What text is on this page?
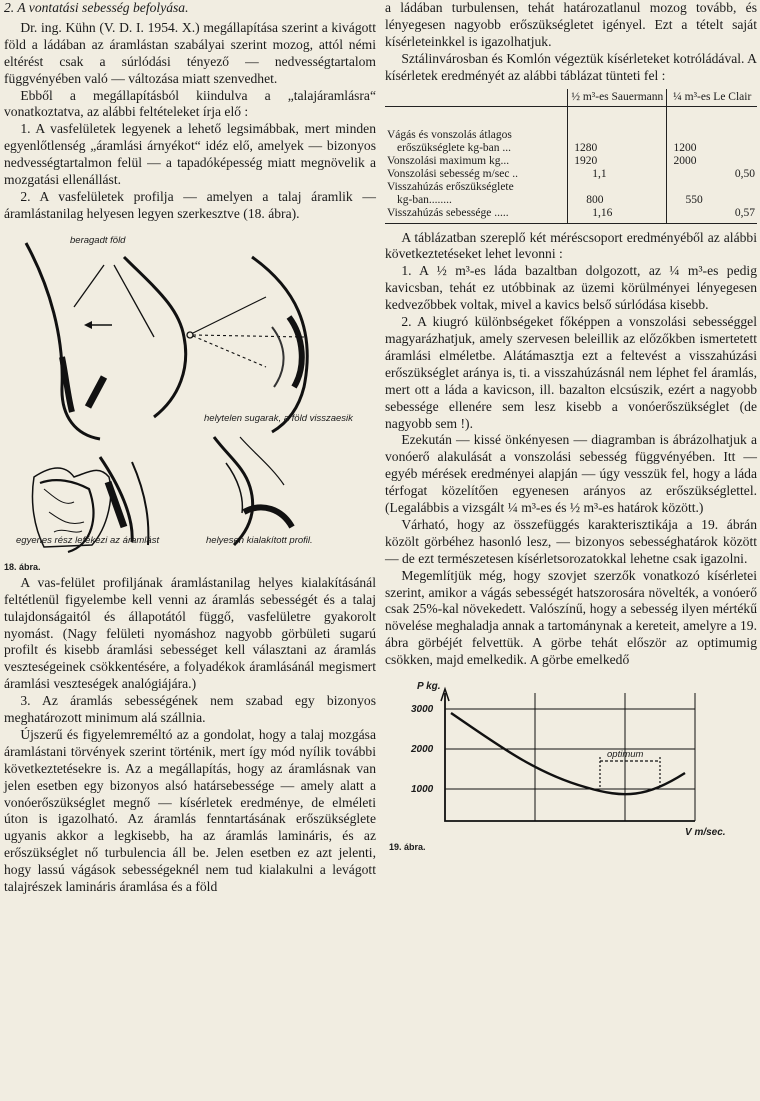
2. A vontatási sebesség befolyása.

Dr. ing. Kühn (V. D. I. 1954. X.) megállapítása szerint a kivágott föld a ládában az áramlástan szabályai szerint mozog, attól némi eltérést csak a súrlódási tényező — nedvességtartalom függvényében való — változása miatt szenvedhet.

Ebből a megállapításból kiindulva a „talajáramlásra“ vonatkoztatva, az alábbi feltételeket írja elő :

1. A vasfelületek legyenek a lehető legsimábbak, mert minden egyenlőtlenség „áramlási árnyékot“ idéz elő, amelyek — bizonyos nedvességtartalmon felül — a tapadóképesség miatt megnövelik a mozgatási ellenállást.

2. A vasfelületek profilja — amelyen a talaj áramlik — áramlástanilag helyesen legyen szerkesztve (18. ábra).

beragadt föld
helytelen sugarak, a föld visszaesik
egyenes rész lefékezi az áramlást	helyesen kialakított profil.
18. ábra.

A vas-felület profiljának áramlástanilag helyes kialakításánál feltétlenül figyelembe kell venni az áramlás sebességét és a talaj tulajdonságaitól és állapotától függő, vasfelületre gyakorolt nyomást. (Nagy felületi nyomáshoz nagyobb görbületi sugarú profilt és kisebb áramlási sebességet kell választani az áramlás veszteségeinek csökkentésére, a folyadékok áramlásánál megismert áramlási veszteségek analógiájára.)

3. Az áramlás sebességének nem szabad egy bizonyos meghatározott minimum alá szállnia.

Újszerű és figyelemreméltó az a gondolat, hogy a talaj mozgása áramlástani törvények szerint történik, mert így mód nyílik további következtetésekre is. Az a megállapítás, hogy az áramlásnak van jelen esetben egy bizonyos alsó határsebessége — amely alatt a vonóerőszükséglet megnő — kísérletek eredménye, de elméleti úton is igazolható. Az áramlás fenntartásának erőszükséglete ugyanis akkor a legkisebb, ha az áramlás lamináris, és az erőszükséglet nő turbulencia áll be. Jelen esetben ez azt jelenti, hogy lassú vágások sebességeknél nem tud kialakulni a levágott talajrészek lamináris áramlása és a föld

a ládában turbulensen, tehát határozatlanul mozog tovább, és lényegesen nagyobb erőszükségletet igényel. Ezt a tételt saját kísérleteinkkel is igazolhatjuk.

Sztálinvárosban és Komlón végeztük kísérleteket kotróládával. A kísérletek eredményét az alábbi táblázat tünteti fel :

	½ m³-es Sauermann	¼ m³-es Le Clair
Vágás és vonszolás átlagos		
erőszükséglete kg-ban ...	1280	1200
Vonszolási maximum kg...	1920	2000
Vonszolási sebesség m/sec ..	1,1	0,50
Visszahúzás erőszükséglete		
kg-ban........	800	550
Visszahúzás sebessége .....	1,16	0,57

A táblázatban szereplő két méréscsoport eredményéből az alábbi következtetéseket lehet levonni :

1. A ½ m³-es láda bazaltban dolgozott, az ¼ m³-es pedig kavicsban, tehát ez utóbbinak az üzemi körülményei lényegesen kedvezőbbek voltak, mivel a kavics belső súrlódása kisebb.

2. A kiugró különbségeket főképpen a vonszolási sebességgel magyarázhatjuk, amely szervesen beleillik az előzőkben ismertetett áramlási elméletbe. Alátámasztja ezt a feltevést a visszahúzási erőszükséglet aránya is, ti. a visszahúzásnál nem léphet fel áramlás, mert ott a láda a kavicson, ill. bazalton elcsúszik, ezért a nagyobb sebessége ellenére sem lesz kisebb a vonóerőszükséglet (de nagyobb sem !).

Ezekután — kissé önkényesen — diagramban is ábrázolhatjuk a vonóerő alakulását a vonszolási sebesség függvényében. Itt — egyéb mérések eredményei alapján — úgy vesszük fel, hogy a láda térfogat közelítően egyenesen arányos az erőszükséglettel. (Legalábbis a vizsgált ¼ m³-es és ½ m³-es határok között.)

Várható, hogy az összefüggés karakterisztikája a 19. ábrán közölt görbéhez hasonló lesz, — bizonyos sebességhatárok között — de ezt természetesen kísérletsorozatokkal lehetne csak igazolni.

Megemlítjük még, hogy szovjet szerzők vonatkozó kísérletei szerint, amikor a vágás sebességét hatszorosára növelték, a vonóerő csak 25%-kal növekedett. Valószínű, hogy a sebesség ilyen mértékű növelése meghaladja annak a tartománynak a kereteit, amelyre a 19. ábra görbéjét felvettük. A görbe tehát először az optimumig csökken, majd emelkedik. A görbe emelkedő

P kg.
3000
2000
1000
optimum
V m/sec.
19. ábra.
